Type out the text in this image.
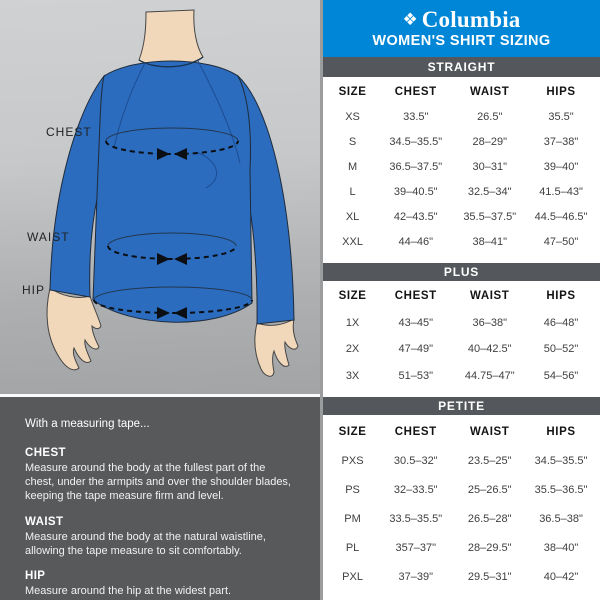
CHEST
WAIST
HIP
With a measuring tape...
CHEST

Measure around the body at the fullest part of the chest, under the armpits and over the shoulder blades, keeping the tape measure firm and level.

WAIST

Measure around the body at the natural waistline, allowing the tape measure to sit comfortably.

HIP

Measure around the hip at the widest part.

❖ Columbia
WOMEN'S SHIRT SIZING
STRAIGHT
SIZE	CHEST	WAIST	HIPS
XS	33.5"	26.5"	35.5"
S	34.5–35.5"	28–29"	37–38"
M	36.5–37.5"	30–31"	39–40"
L	39–40.5"	32.5–34"	41.5–43"
XL	42–43.5"	35.5–37.5"	44.5–46.5"
XXL	44–46"	38–41"	47–50"
PLUS
SIZE	CHEST	WAIST	HIPS
1X	43–45"	36–38"	46–48"
2X	47–49"	40–42.5"	50–52"
3X	51–53"	44.75–47"	54–56"
PETITE
SIZE	CHEST	WAIST	HIPS
PXS	30.5–32"	23.5–25"	34.5–35.5"
PS	32–33.5"	25–26.5"	35.5–36.5"
PM	33.5–35.5"	26.5–28"	36.5–38"
PL	357–37"	28–29.5"	38–40"
PXL	37–39"	29.5–31"	40–42"
